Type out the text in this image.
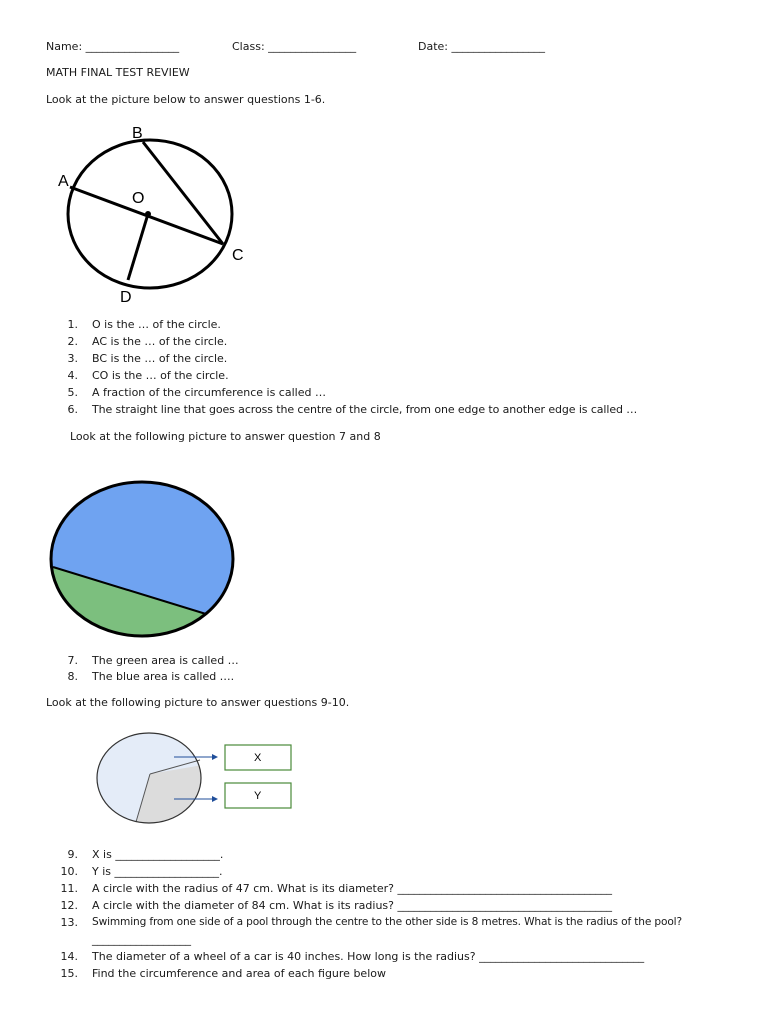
Name: _________________	Class: ________________	Date: _________________
MATH FINAL TEST REVIEW
Look at the picture below to answer questions 1-6.
A
B
O
C
D
1. O is the … of the circle.
2. AC is the … of the circle.
3. BC is the … of the circle.
4. CO is the … of the circle.
5. A fraction of the circumference is called …
6. The straight line that goes across the centre of the circle, from one edge to another edge is called …
Look at the following picture to answer question 7 and 8
7. The green area is called …
8. The blue area is called ….
Look at the following picture to answer questions 9-10.
X
Y
9. X is ___________________.
10. Y is ___________________.
11. A circle with the radius of 47 cm. What is its diameter? _______________________________________
12. A circle with the diameter of 84 cm. What is its radius? _______________________________________
13. Swimming from one side of a pool through the centre to the other side is 8 metres. What is the radius of the pool?
__________________
14. The diameter of a wheel of a car is 40 inches. How long is the radius? ______________________________
15. Find the circumference and area of each figure below
